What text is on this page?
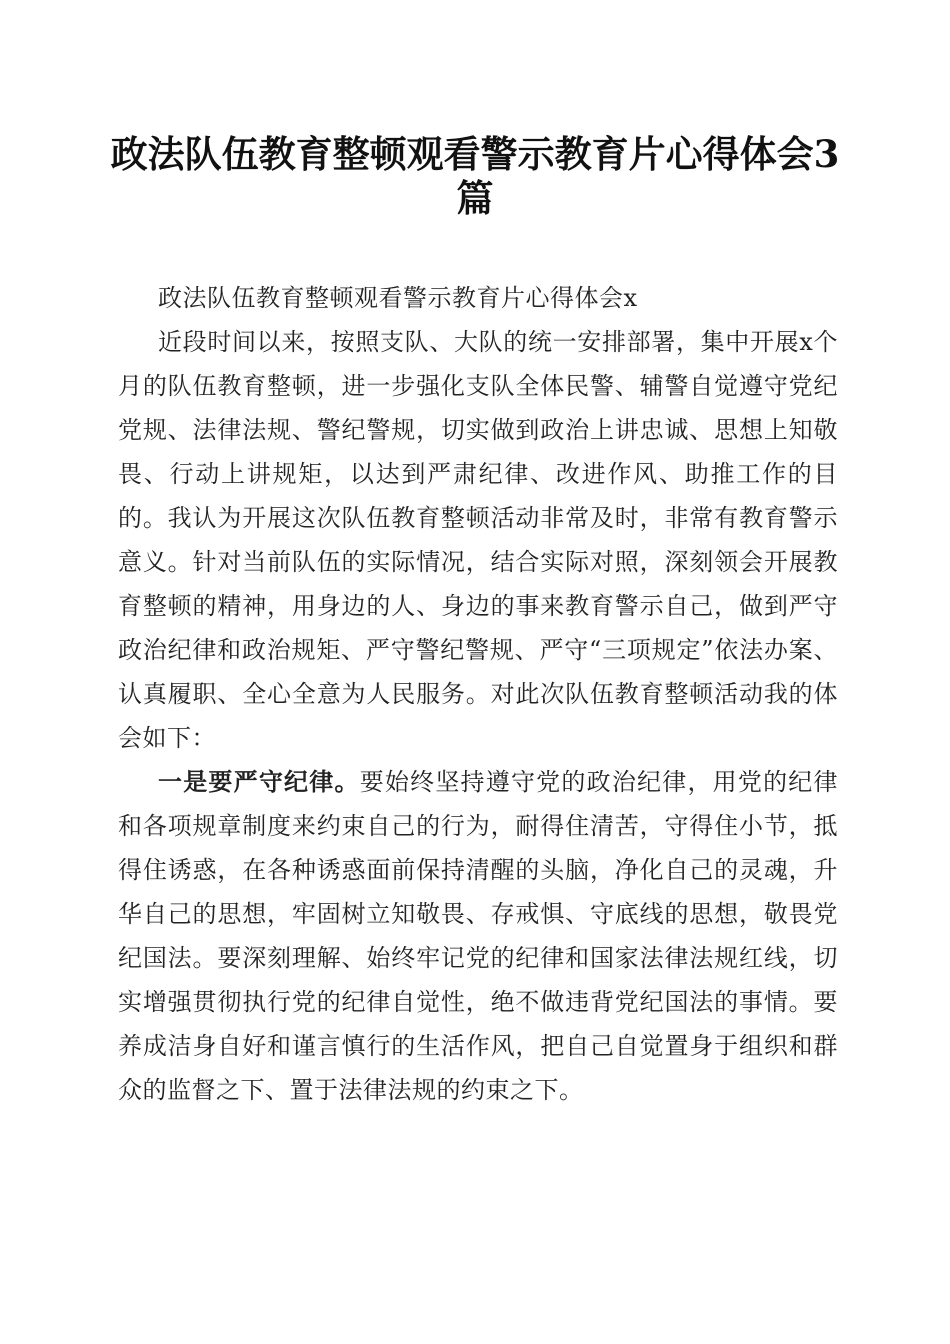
政法队伍教育整顿观看警示教育片心得体会3篇

政法队伍教育整顿观看警示教育片心得体会x

近段时间以来，按照支队、大队的统一安排部署，集中开展x个月的队伍教育整顿，进一步强化支队全体民警、辅警自觉遵守党纪党规、法律法规、警纪警规，切实做到政治上讲忠诚、思想上知敬畏、行动上讲规矩，以达到严肃纪律、改进作风、助推工作的目的。我认为开展这次队伍教育整顿活动非常及时，非常有教育警示意义。针对当前队伍的实际情况，结合实际对照，深刻领会开展教育整顿的精神，用身边的人、身边的事来教育警示自己，做到严守政治纪律和政治规矩、严守警纪警规、严守“三项规定”依法办案、认真履职、全心全意为人民服务。对此次队伍教育整顿活动我的体会如下：

一是要严守纪律。要始终坚持遵守党的政治纪律，用党的纪律和各项规章制度来约束自己的行为，耐得住清苦，守得住小节，抵得住诱惑，在各种诱惑面前保持清醒的头脑，净化自己的灵魂，升华自己的思想，牢固树立知敬畏、存戒惧、守底线的思想，敬畏党纪国法。要深刻理解、始终牢记党的纪律和国家法律法规红线，切实增强贯彻执行党的纪律自觉性，绝不做违背党纪国法的事情。要养成洁身自好和谨言慎行的生活作风，把自己自觉置身于组织和群众的监督之下、置于法律法规的约束之下。
